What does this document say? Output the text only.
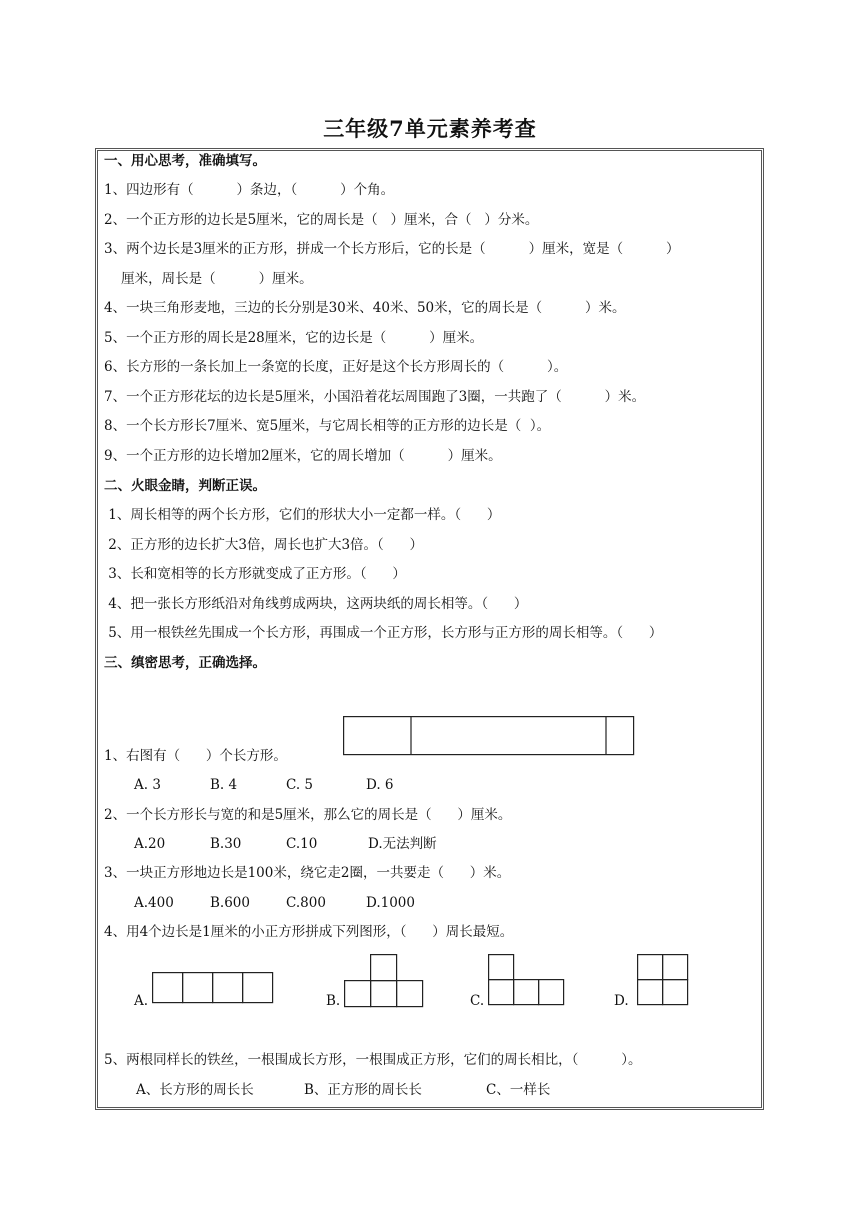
三年级7单元素养考查
一、用心思考，准确填写。
1、四边形有（          ）条边，（          ）个角。
2、一个正方形的边长是5厘米，它的周长是（   ）厘米，合（   ）分米。
3、两个边长是3厘米的正方形，拼成一个长方形后，它的长是（          ）厘米，宽是（          ）
厘米，周长是（          ）厘米。
4、一块三角形麦地，三边的长分别是30米、40米、50米，它的周长是（          ）米。
5、一个正方形的周长是28厘米，它的边长是（          ）厘米。
6、长方形的一条长加上一条宽的长度，正好是这个长方形周长的（          ）。
7、一个正方形花坛的边长是5厘米，小国沿着花坛周围跑了3圈，一共跑了（          ）米。
8、一个长方形长7厘米、宽5厘米，与它周长相等的正方形的边长是（  ）。
9、一个正方形的边长增加2厘米，它的周长增加（          ）厘米。
二、火眼金睛，判断正误。
1、周长相等的两个长方形，它们的形状大小一定都一样。（      ）
2、正方形的边长扩大3倍，周长也扩大3倍。（      ）
3、长和宽相等的长方形就变成了正方形。（      ）
4、把一张长方形纸沿对角线剪成两块，这两块纸的周长相等。（      ）
5、用一根铁丝先围成一个长方形，再围成一个正方形，长方形与正方形的周长相等。（      ）
三、缜密思考，正确选择。
1、右图有（      ）个长方形。
A. 3	B. 4	C. 5	D. 6
2、一个长方形长与宽的和是5厘米，那么它的周长是（      ）厘米。
A.20	B.30	C.10	D.无法判断
3、一块正方形地边长是100米，绕它走2圈，一共要走（      ）米。
A.400	B.600	C.800	D.1000
4、用4个边长是1厘米的小正方形拼成下列图形，（      ）周长最短。
A.	B.	C.	D.
5、两根同样长的铁丝，一根围成长方形，一根围成正方形，它们的周长相比，（          ）。
A、长方形的周长长	B、正方形的周长长	C、一样长
